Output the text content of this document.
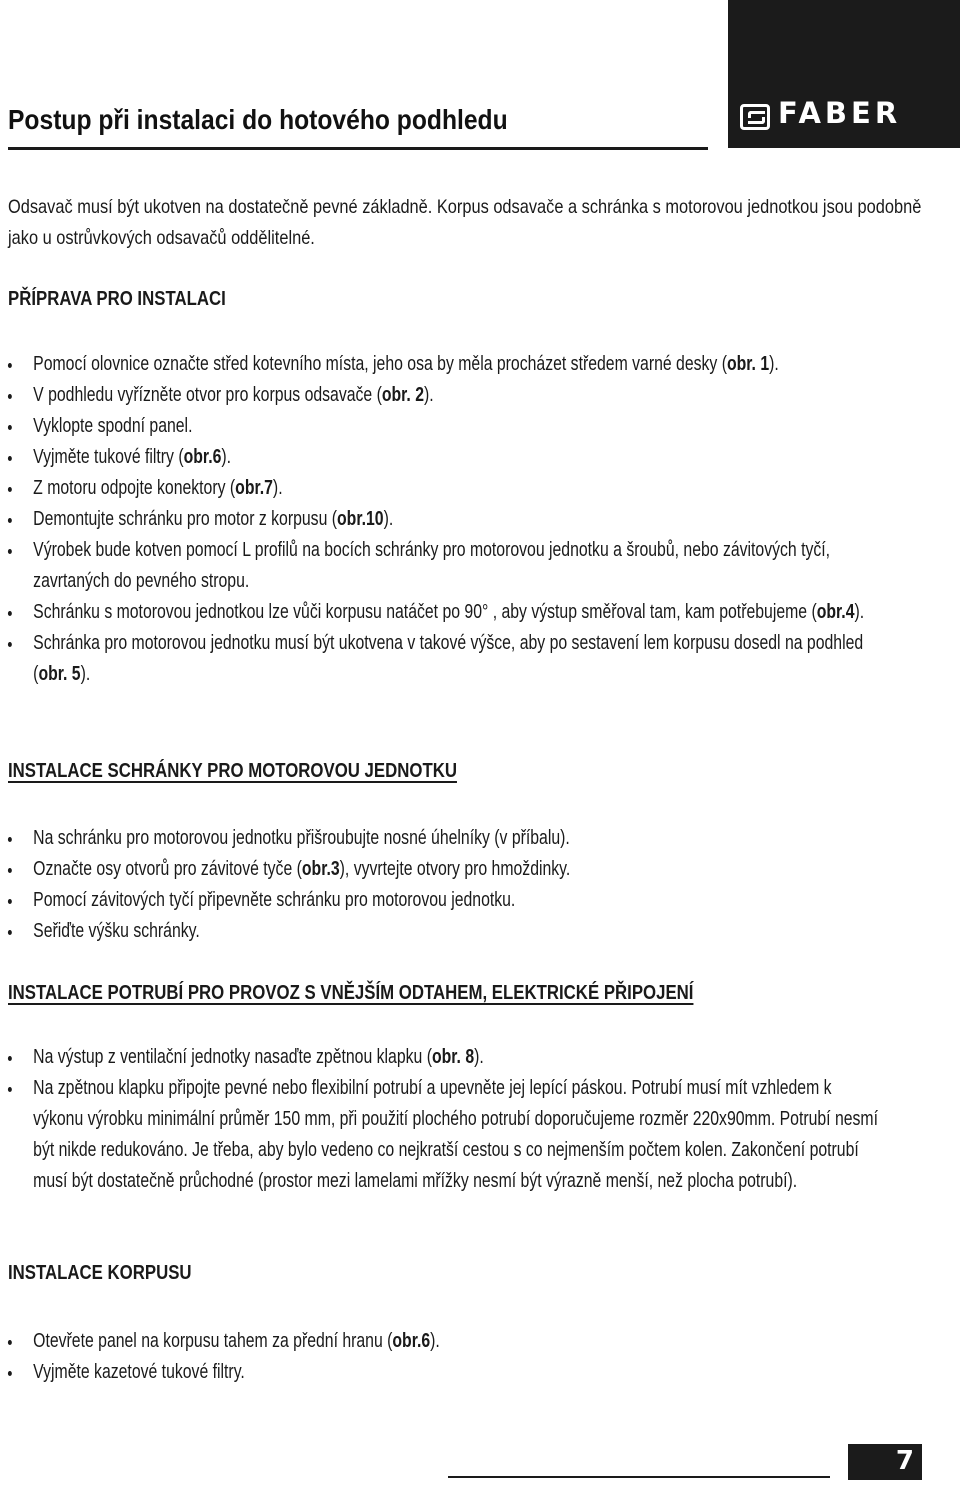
FABER
Postup při instalaci do hotového podhledu
Odsavač musí být ukotven na dostatečně pevné základně. Korpus odsavače a schránka s motorovou jednotkou jsou podobně jako u ostrůvkových odsavačů oddělitelné.
PŘÍPRAVA PRO INSTALACI
Pomocí olovnice označte střed kotevního místa, jeho osa by měla procházet středem varné desky (obr. 1).
V podhledu vyřízněte otvor pro korpus odsavače (obr. 2).
Vyklopte spodní panel.
Vyjměte tukové filtry (obr.6).
Z motoru odpojte konektory (obr.7).
Demontujte schránku pro motor z korpusu (obr.10).
Výrobek bude kotven pomocí L profilů na bocích schránky pro motorovou jednotku a šroubů, nebo závitových tyčí, zavrtaných do pevného stropu.
Schránku s motorovou jednotkou lze vůči korpusu natáčet po 90° , aby výstup směřoval tam, kam potřebujeme (obr.4).
Schránka pro motorovou jednotku musí být ukotvena v takové výšce, aby po sestavení lem korpusu dosedl na podhled (obr. 5).
INSTALACE SCHRÁNKY PRO MOTOROVOU JEDNOTKU
Na schránku pro motorovou jednotku přišroubujte nosné úhelníky (v příbalu).
Označte osy otvorů pro závitové tyče (obr.3), vyvrtejte otvory pro hmoždinky.
Pomocí závitových tyčí připevněte schránku pro motorovou jednotku.
Seřiďte výšku schránky.
INSTALACE POTRUBÍ PRO PROVOZ S VNĚJŠÍM ODTAHEM, ELEKTRICKÉ PŘIPOJENÍ
Na výstup z ventilační jednotky nasaďte zpětnou klapku (obr. 8).
Na zpětnou klapku připojte pevné nebo flexibilní potrubí a upevněte jej lepící páskou. Potrubí musí mít vzhledem k výkonu výrobku minimální průměr 150 mm, při použití plochého potrubí doporučujeme rozměr 220x90mm. Potrubí nesmí být nikde redukováno. Je třeba, aby bylo vedeno co nejkratší cestou s co nejmenším počtem kolen. Zakončení potrubí musí být dostatečně průchodné (prostor mezi lamelami mřížky nesmí být výrazně menší, než plocha potrubí).
INSTALACE KORPUSU
Otevřete panel na korpusu tahem za přední hranu (obr.6).
Vyjměte kazetové tukové filtry.
7
